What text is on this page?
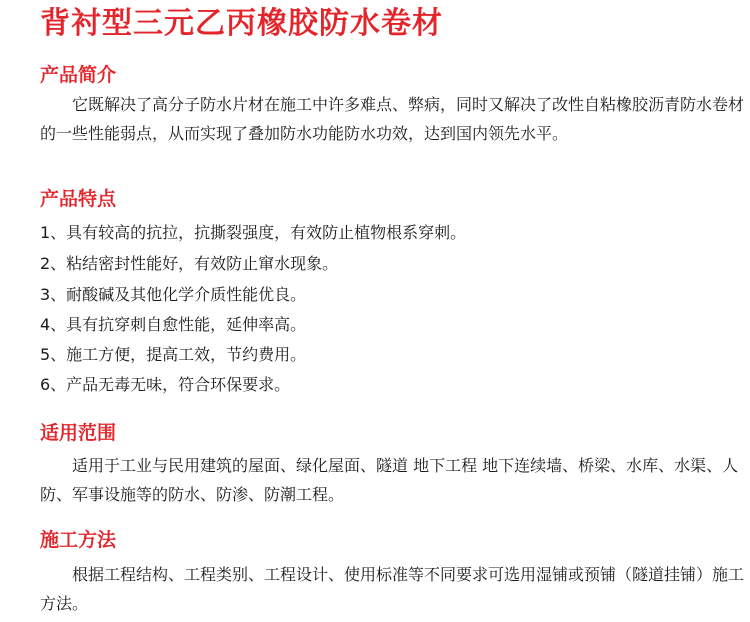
背衬型三元乙丙橡胶防水卷材
产品简介

它既解决了高分子防水片材在施工中许多难点、弊病，同时又解决了改性自粘橡胶沥青防水卷材的一些性能弱点，从而实现了叠加防水功能防水功效，达到国内领先水平。

产品特点
1、具有较高的抗拉，抗撕裂强度，有效防止植物根系穿刺。
2、粘结密封性能好，有效防止窜水现象。
3、耐酸碱及其他化学介质性能优良。
4、具有抗穿刺自愈性能，延伸率高。
5、施工方便，提高工效，节约费用。
6、产品无毒无味，符合环保要求。
适用范围

适用于工业与民用建筑的屋面、绿化屋面、隧道 地下工程 地下连续墙、桥梁、水库、水渠、人防、军事设施等的防水、防渗、防潮工程。

施工方法

根据工程结构、工程类别、工程设计、使用标准等不同要求可选用湿铺或预铺（隧道挂铺）施工方法。
